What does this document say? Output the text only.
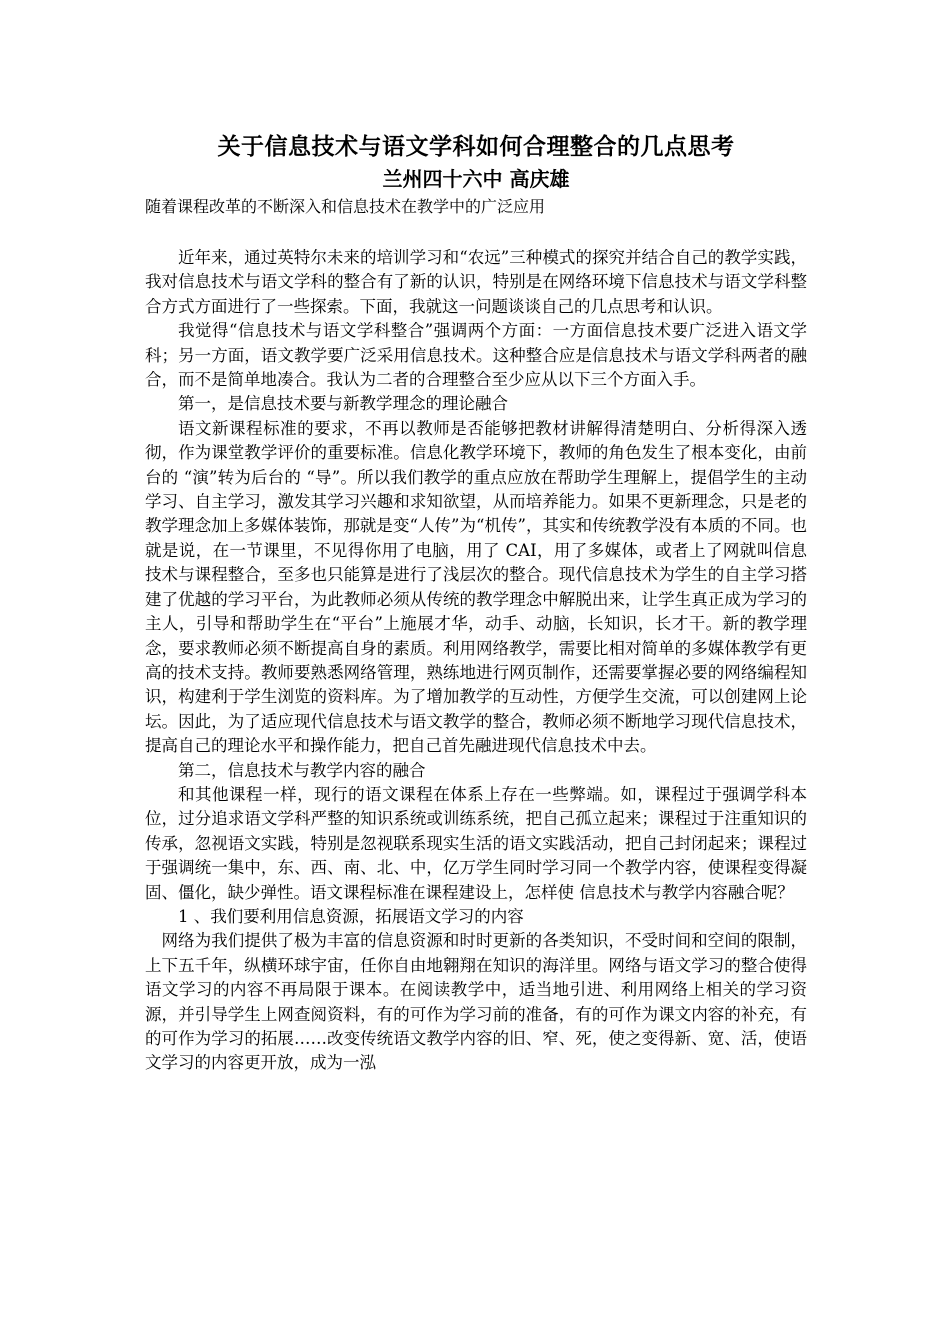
关于信息技术与语文学科如何合理整合的几点思考
兰州四十六中 高庆雄
随着课程改革的不断深入和信息技术在教学中的广泛应用

近年来，通过英特尔未来的培训学习和“农远”三种模式的探究并结合自己的教学实践，我对信息技术与语文学科的整合有了新的认识，特别是在网络环境下信息技术与语文学科整合方式方面进行了一些探索。下面，我就这一问题谈谈自己的几点思考和认识。

我觉得“信息技术与语文学科整合”强调两个方面：一方面信息技术要广泛进入语文学科；另一方面，语文教学要广泛采用信息技术。这种整合应是信息技术与语文学科两者的融合，而不是简单地凑合。我认为二者的合理整合至少应从以下三个方面入手。

第一，是信息技术要与新教学理念的理论融合

语文新课程标准的要求，不再以教师是否能够把教材讲解得清楚明白、分析得深入透彻，作为课堂教学评价的重要标准。信息化教学环境下，教师的角色发生了根本变化，由前台的 “演”转为后台的 “导”。所以我们教学的重点应放在帮助学生理解上，提倡学生的主动学习、自主学习，激发其学习兴趣和求知欲望，从而培养能力。如果不更新理念，只是老的教学理念加上多媒体装饰，那就是变“人传”为“机传”，其实和传统教学没有本质的不同。也就是说，在一节课里，不见得你用了电脑，用了 CAI，用了多媒体，或者上了网就叫信息技术与课程整合，至多也只能算是进行了浅层次的整合。现代信息技术为学生的自主学习搭建了优越的学习平台，为此教师必须从传统的教学理念中解脱出来，让学生真正成为学习的主人，引导和帮助学生在“平台”上施展才华，动手、动脑，长知识，长才干。新的教学理念，要求教师必须不断提高自身的素质。利用网络教学，需要比相对简单的多媒体教学有更高的技术支持。教师要熟悉网络管理，熟练地进行网页制作，还需要掌握必要的网络编程知识，构建利于学生浏览的资料库。为了增加教学的互动性，方便学生交流，可以创建网上论坛。因此，为了适应现代信息技术与语文教学的整合，教师必须不断地学习现代信息技术，提高自己的理论水平和操作能力，把自己首先融进现代信息技术中去。

第二，信息技术与教学内容的融合

和其他课程一样，现行的语文课程在体系上存在一些弊端。如，课程过于强调学科本位，过分追求语文学科严整的知识系统或训练系统，把自己孤立起来；课程过于注重知识的传承，忽视语文实践，特别是忽视联系现实生活的语文实践活动，把自己封闭起来；课程过于强调统一集中，东、西、南、北、中，亿万学生同时学习同一个教学内容，使课程变得凝固、僵化，缺少弹性。语文课程标准在课程建设上，怎样使 信息技术与教学内容融合呢？

1 、我们要利用信息资源，拓展语文学习的内容

网络为我们提供了极为丰富的信息资源和时时更新的各类知识，不受时间和空间的限制，上下五千年，纵横环球宇宙，任你自由地翱翔在知识的海洋里。网络与语文学习的整合使得语文学习的内容不再局限于课本。在阅读教学中，适当地引进、利用网络上相关的学习资源，并引导学生上网查阅资料，有的可作为学习前的准备，有的可作为课文内容的补充，有的可作为学习的拓展……改变传统语文教学内容的旧、窄、死，使之变得新、宽、活，使语文学习的内容更开放，成为一泓
